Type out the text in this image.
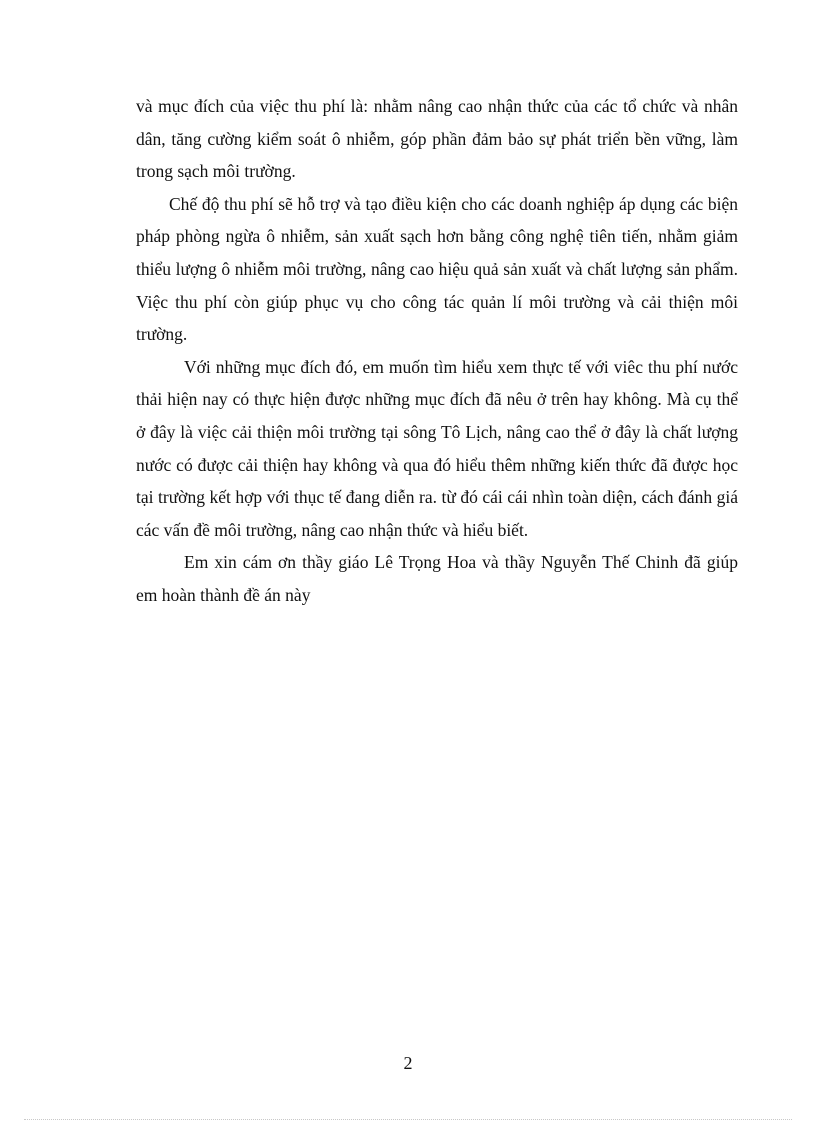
và mục đích của việc thu phí là: nhằm nâng cao nhận thức của các tổ chức và nhân dân, tăng cường kiểm soát ô nhiễm, góp phần đảm bảo sự phát triển bền vững, làm trong sạch môi trường.

Chế độ thu phí sẽ hỗ trợ và tạo điều kiện cho các doanh nghiệp áp dụng các biện pháp phòng ngừa ô nhiễm, sản xuất sạch hơn bằng công nghệ tiên tiến, nhằm giảm thiểu lượng ô nhiễm môi trường, nâng cao hiệu quả sản xuất và chất lượng sản phẩm. Việc thu phí còn giúp phục vụ cho công tác quản lí môi trường và cải thiện môi trường.

Với những mục đích đó, em muốn tìm hiểu xem thực tế với viêc thu phí nước thải hiện nay có thực hiện được những mục đích đã nêu ở trên hay không. Mà cụ thể ở đây là việc cải thiện môi trường tại sông Tô Lịch, nâng cao thể ở đây là chất lượng nước có được cải thiện hay không và qua đó hiểu thêm những kiến thức đã được học tại trường kết hợp với thục tế đang diễn ra. từ đó cái cái nhìn toàn diện, cách đánh giá các vấn đề môi trường, nâng cao nhận thức và hiểu biết.

Em xin cám ơn thầy giáo Lê Trọng Hoa và thầy Nguyễn Thế Chinh đã giúp em hoàn thành đề án này

2
